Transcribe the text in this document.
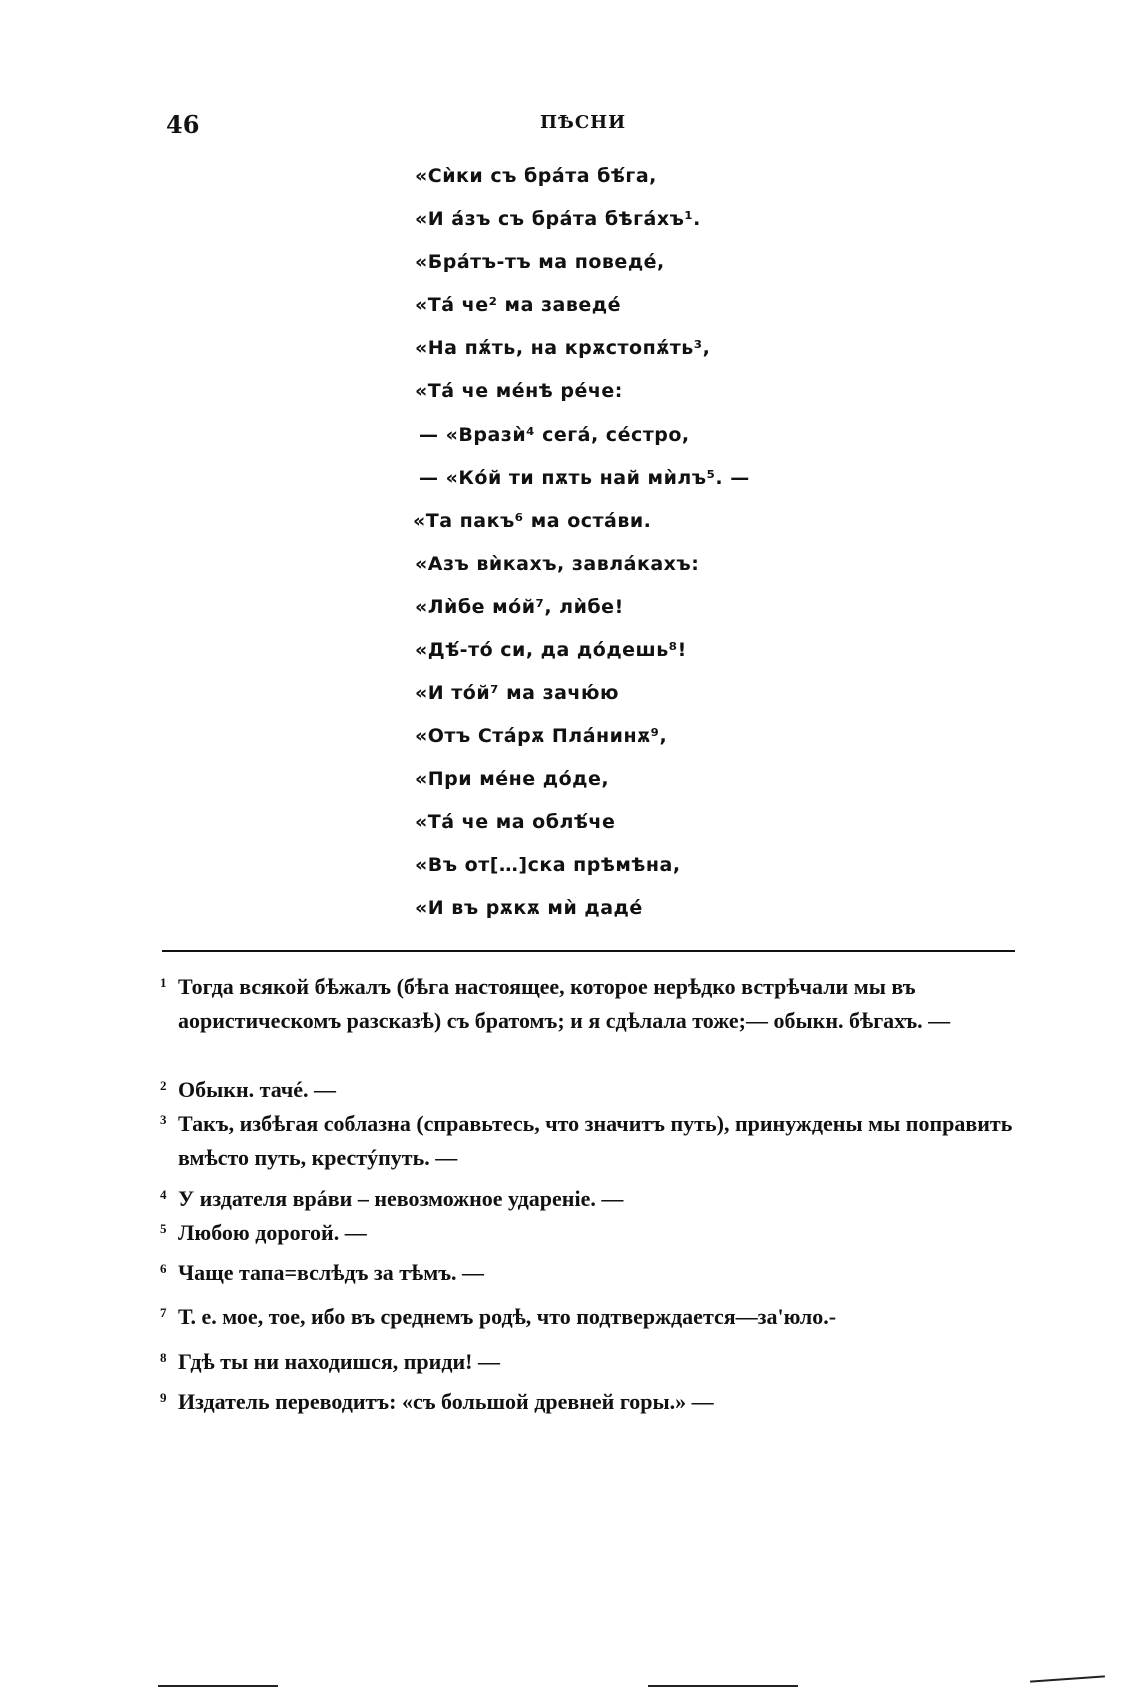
46	ПѢСНИ
«Сѝки съ брáта бѣ́га,
«И áзъ съ брáта бѣгáхъ¹.
«Брáтъ-тъ ма поведé,
«Тá че² ма заведé
«На пѫ́ть, на крѫстопѫ́ть³,
«Тá че мéнѣ рéче:
— «Вразѝ⁴ сегá, сéстро,
— «Кóй ти пѫть най мѝлъ⁵. —
«Та пакъ⁶ ма остáви.
«Азъ вѝкахъ, завлáкахъ:
«Лѝбе мóй⁷, лѝбе!
«Дѣ́-тó си, да дóдешь⁸!
«И тóй⁷ ма зачю́ю
«Отъ Стáрѫ Плáнинѫ⁹,
«При мéне дóде,
«Тá че ма облѣ́че
«Въ от[…]ска прѣмѣна,
«И въ рѫкѫ мѝ дадé
1 Тогда всякой бѣжалъ (бѣга настоящее, которое нерѣдко встрѣчали мы въ аористическомъ разсказѣ) съ братомъ; и я сдѣлала тоже;— обыкн. бѣгахъ. —
2 Обыкн. тачé. —
3 Такъ, избѣгая соблазна (справьтесь, что значитъ путь), принуждены мы поправить вмѣсто путь, крестýпуть. —
4 У издателя врáви – невозможное удареніе. —
5 Любою дорогой. —
6 Чаще тапа=вслѣдъ за тѣмъ. —
7 Т. е. мое, тое, ибо въ среднемъ родѣ, что подтверждается—за'юло.-
8 Гдѣ ты ни находишся, приди! —
9 Издатель переводитъ: «съ большой древней горы.» —
